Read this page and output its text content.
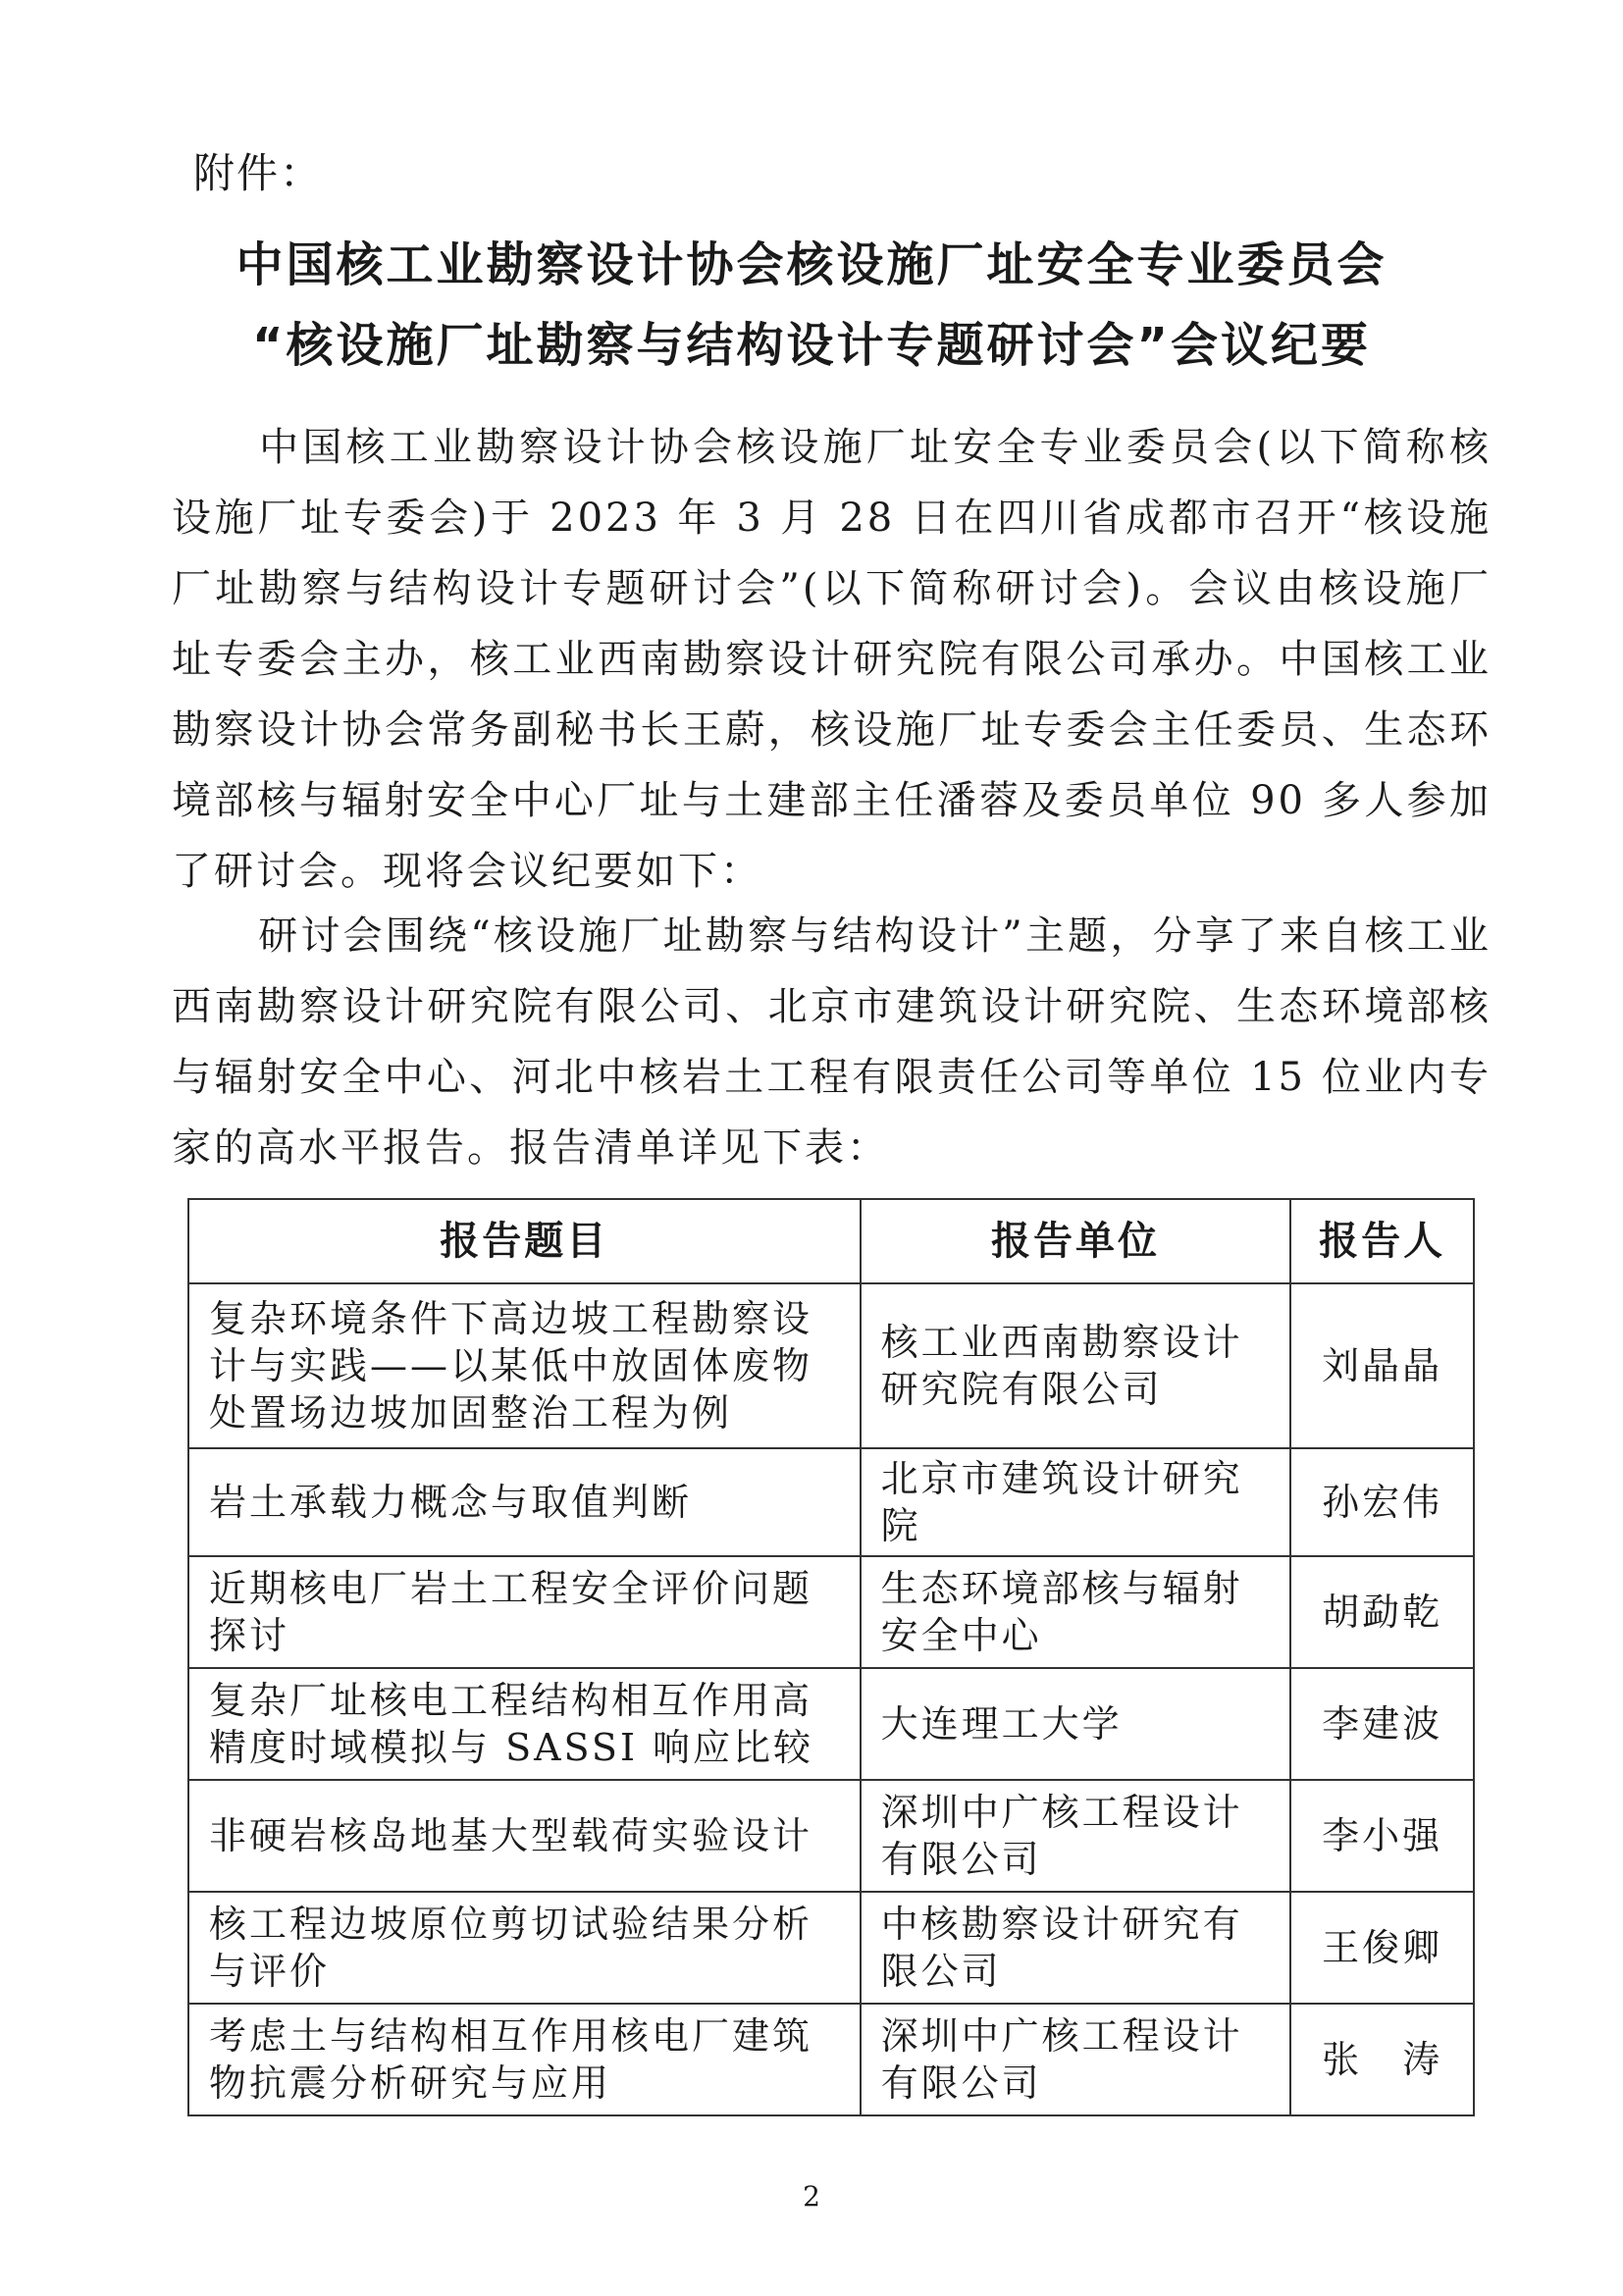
附件：
中国核工业勘察设计协会核设施厂址安全专业委员会
“核设施厂址勘察与结构设计专题研讨会”会议纪要

中国核工业勘察设计协会核设施厂址安全专业委员会(以下简称核设施厂址专委会)于 2023 年 3 月 28 日在四川省成都市召开“核设施厂址勘察与结构设计专题研讨会”(以下简称研讨会)。会议由核设施厂址专委会主办，核工业西南勘察设计研究院有限公司承办。中国核工业勘察设计协会常务副秘书长王蔚，核设施厂址专委会主任委员、生态环境部核与辐射安全中心厂址与土建部主任潘蓉及委员单位 90 多人参加了研讨会。现将会议纪要如下：

研讨会围绕“核设施厂址勘察与结构设计”主题，分享了来自核工业西南勘察设计研究院有限公司、北京市建筑设计研究院、生态环境部核与辐射安全中心、河北中核岩土工程有限责任公司等单位 15 位业内专家的高水平报告。报告清单详见下表：

报告题目	报告单位	报告人
复杂环境条件下高边坡工程勘察设计与实践——以某低中放固体废物处置场边坡加固整治工程为例	核工业西南勘察设计研究院有限公司	刘晶晶
岩土承载力概念与取值判断	北京市建筑设计研究院	孙宏伟
近期核电厂岩土工程安全评价问题探讨	生态环境部核与辐射安全中心	胡勐乾
复杂厂址核电工程结构相互作用高精度时域模拟与 SASSI 响应比较	大连理工大学	李建波
非硬岩核岛地基大型载荷实验设计	深圳中广核工程设计有限公司	李小强
核工程边坡原位剪切试验结果分析与评价	中核勘察设计研究有限公司	王俊卿
考虑土与结构相互作用核电厂建筑物抗震分析研究与应用	深圳中广核工程设计有限公司	张　涛
2
